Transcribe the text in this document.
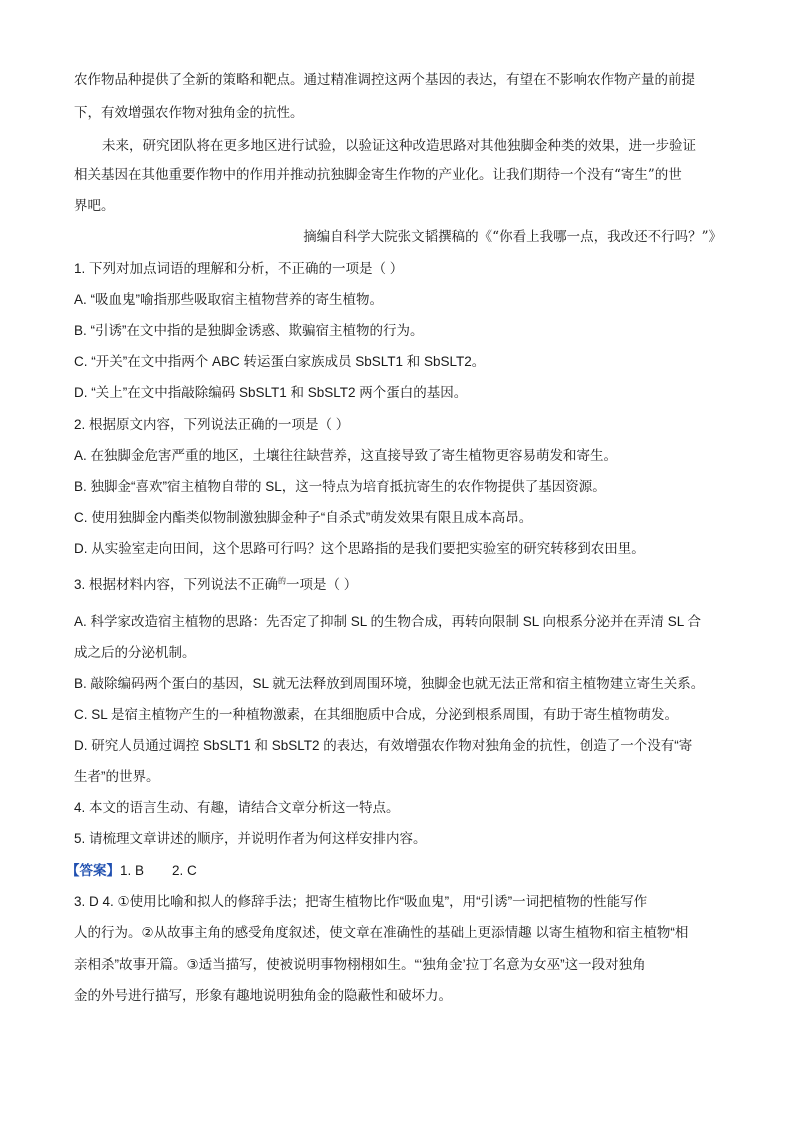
农作物品种提供了全新的策略和靶点。通过精准调控这两个基因的表达，有望在不影响农作物产量的前提
下，有效增强农作物对独角金的抗性。
未来，研究团队将在更多地区进行试验，以验证这种改造思路对其他独脚金种类的效果，进一步验证
相关基因在其他重要作物中的作用并推动抗独脚金寄生作物的产业化。让我们期待一个没有“寄生”的世
界吧。
摘编自科学大院张文韬撰稿的《“你看上我哪一点，我改还不行吗？”》
1. 下列对加点词语的理解和分析，不正确的一项是（ ）
A. “吸血鬼”喻指那些吸取宿主植物营养的寄生植物。
B. “引诱”在文中指的是独脚金诱惑、欺骗宿主植物的行为。
C. “开关”在文中指两个 ABC 转运蛋白家族成员 SbSLT1 和 SbSLT2。
D. “关上”在文中指敲除编码 SbSLT1 和 SbSLT2 两个蛋白的基因。
2. 根据原文内容，下列说法正确的一项是（ ）
A. 在独脚金危害严重的地区，土壤往往缺营养，这直接导致了寄生植物更容易萌发和寄生。
B. 独脚金“喜欢”宿主植物自带的 SL，这一特点为培育抵抗寄生的农作物提供了基因资源。
C. 使用独脚金内酯类似物制激独脚金种子“自杀式”萌发效果有限且成本高昂。
D. 从实验室走向田间，这个思路可行吗？这个思路指的是我们要把实验室的研究转移到农田里。
3. 根据材料内容，下列说法不正确$^的$一项是（ ）
A. 科学家改造宿主植物的思路：先否定了抑制 SL 的生物合成，再转向限制 SL 向根系分泌并在弄清 SL 合
成之后的分泌机制。
B. 敲除编码两个蛋白的基因，SL 就无法释放到周围环境，独脚金也就无法正常和宿主植物建立寄生关系。
C. SL 是宿主植物产生的一种植物激素，在其细胞质中合成，分泌到根系周围，有助于寄生植物萌发。
D. 研究人员通过调控 SbSLT1 和 SbSLT2 的表达，有效增强农作物对独角金的抗性，创造了一个没有“寄
生者”的世界。
4. 本文的语言生动、有趣，请结合文章分析这一特点。
5. 请梳理文章讲述的顺序，并说明作者为何这样安排内容。
【答案】1. B 2. C
3. D 4. ①使用比喻和拟人的修辞手法；把寄生植物比作“吸血鬼”，用“引诱”一词把植物的性能写作
人的行为。②从故事主角的感受角度叙述，使文章在准确性的基础上更添情趣 以寄生植物和宿主植物“相
亲相杀”故事开篇。③适当描写，使被说明事物栩栩如生。“‘独角金’拉丁名意为女巫”这一段对独角
金的外号进行描写，形象有趣地说明独角金的隐蔽性和破坏力。
